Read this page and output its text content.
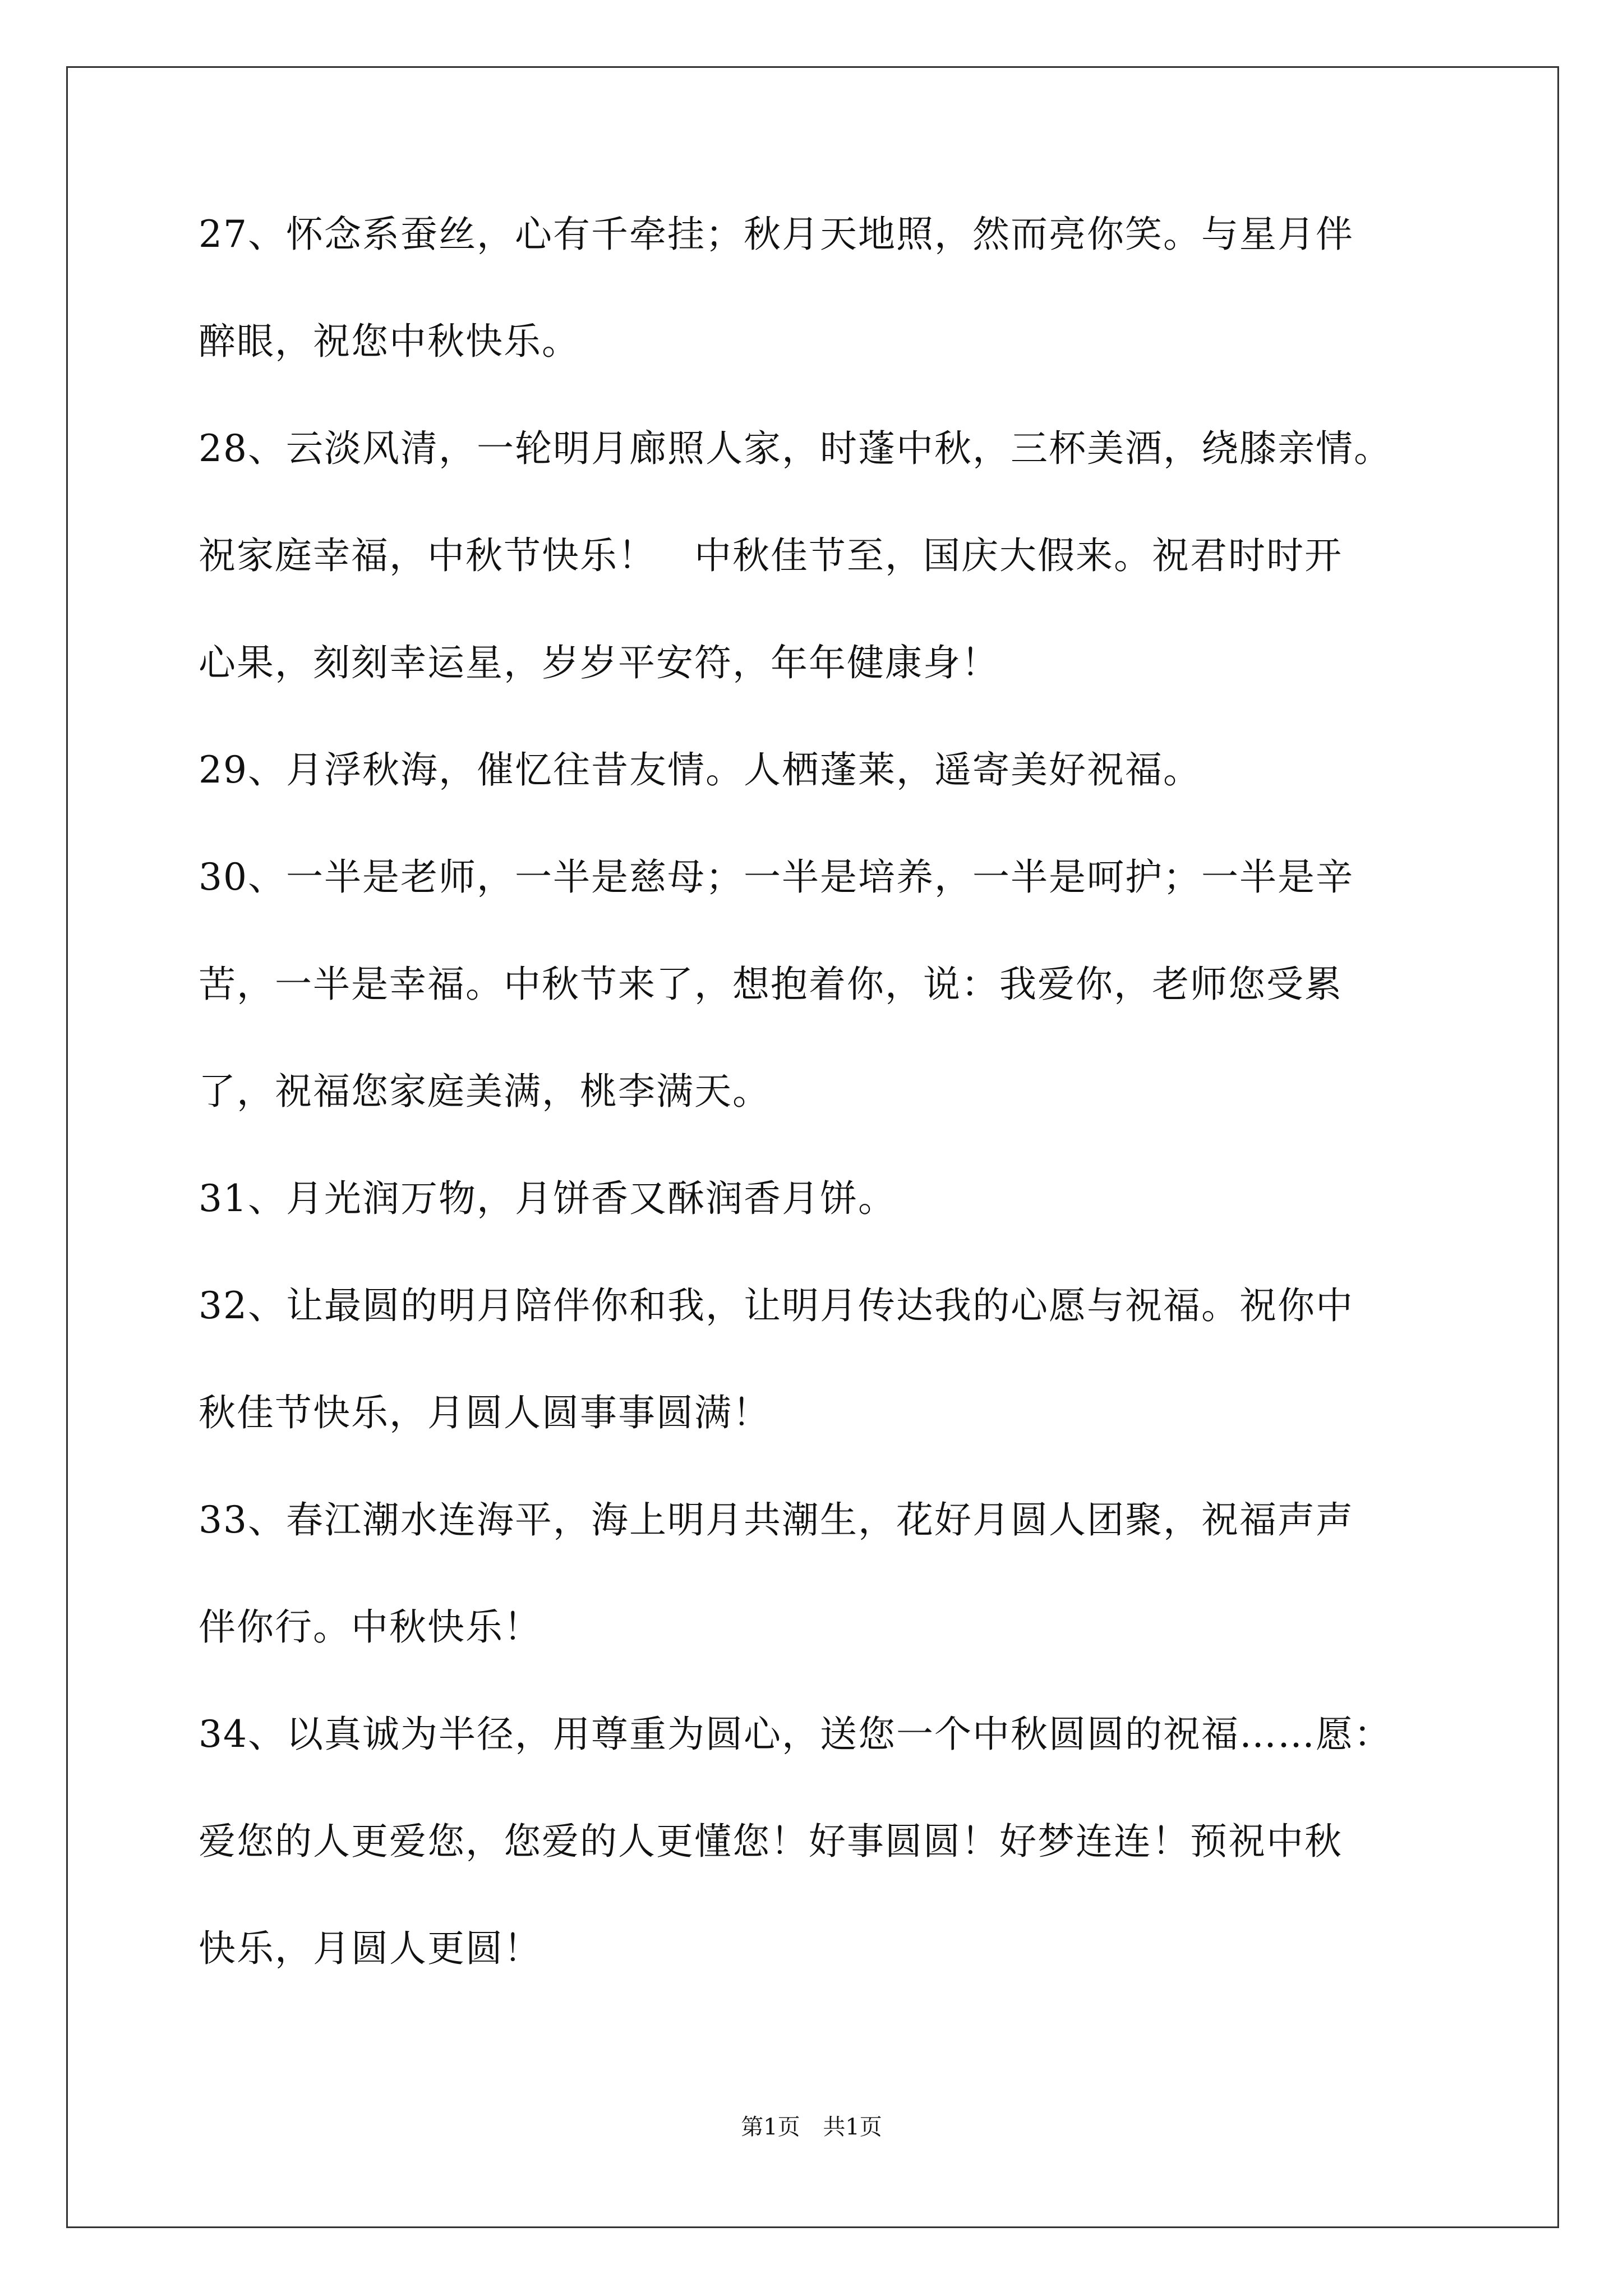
27、怀念系蚕丝，心有千牵挂；秋月天地照，然而亮你笑。与星月伴
醉眼，祝您中秋快乐。
28、云淡风清，一轮明月廊照人家，时蓬中秋，三杯美酒，绕膝亲情。
祝家庭幸福，中秋节快乐！　中秋佳节至，国庆大假来。祝君时时开
心果，刻刻幸运星，岁岁平安符，年年健康身！
29、月浮秋海，催忆往昔友情。人栖蓬莱，遥寄美好祝福。
30、一半是老师，一半是慈母；一半是培养，一半是呵护；一半是辛
苦，一半是幸福。中秋节来了，想抱着你，说：我爱你，老师您受累
了，祝福您家庭美满，桃李满天。
31、月光润万物，月饼香又酥润香月饼。
32、让最圆的明月陪伴你和我，让明月传达我的心愿与祝福。祝你中
秋佳节快乐，月圆人圆事事圆满！
33、春江潮水连海平，海上明月共潮生，花好月圆人团聚，祝福声声
伴你行。中秋快乐！
34、以真诚为半径，用尊重为圆心，送您一个中秋圆圆的祝福……愿：
爱您的人更爱您，您爱的人更懂您！好事圆圆！好梦连连！预祝中秋
快乐，月圆人更圆！
第1页 共1页
